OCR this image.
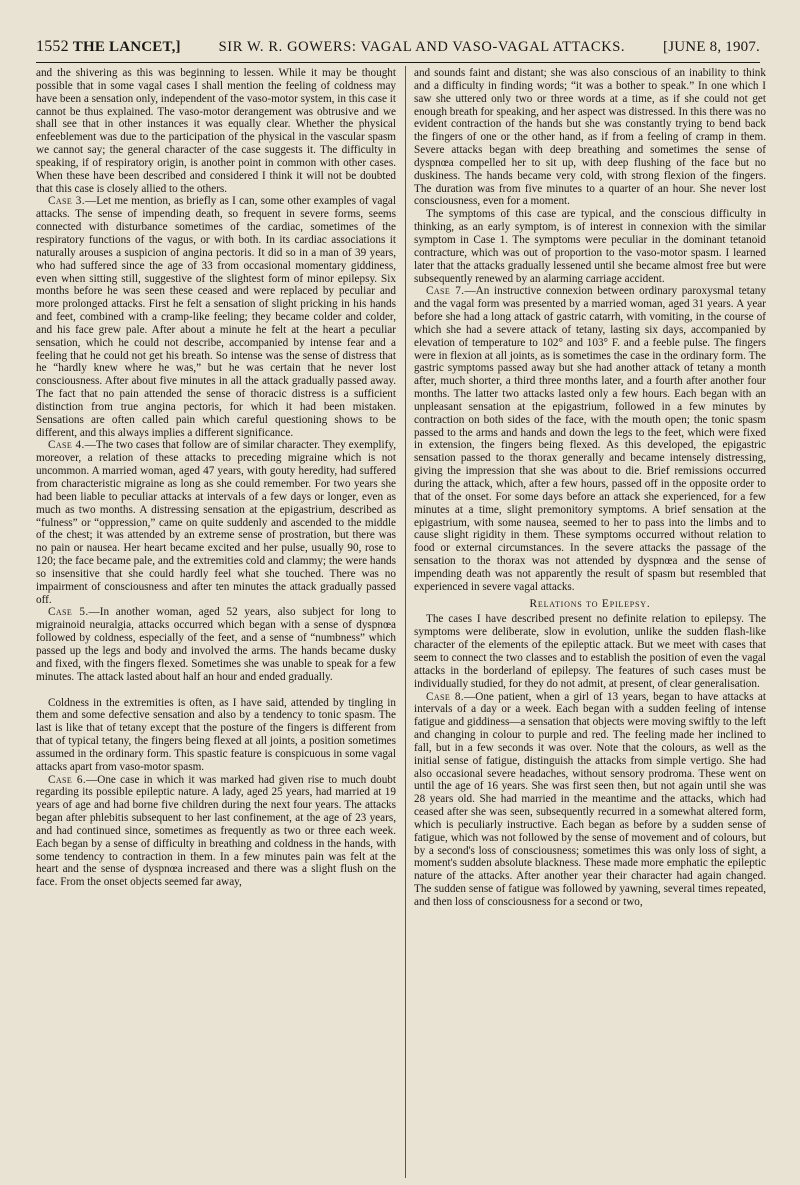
1552 THE LANCET,]	SIR W. R. GOWERS: VAGAL AND VASO-VAGAL ATTACKS.	[JUNE 8, 1907.

and the shivering as this was beginning to lessen. While it may be thought possible that in some vagal cases I shall mention the feeling of coldness may have been a sensation only, independent of the vaso-motor system, in this case it cannot be thus explained. The vaso-motor derangement was obtrusive and we shall see that in other instances it was equally clear. Whether the physical enfeeblement was due to the participation of the physical in the vascular spasm we cannot say; the general character of the case suggests it. The difficulty in speaking, if of respiratory origin, is another point in common with other cases. When these have been described and considered I think it will not be doubted that this case is closely allied to the others.

Case 3.—Let me mention, as briefly as I can, some other examples of vagal attacks. The sense of impending death, so frequent in severe forms, seems connected with disturbance sometimes of the cardiac, sometimes of the respiratory functions of the vagus, or with both. In its cardiac associations it naturally arouses a suspicion of angina pectoris. It did so in a man of 39 years, who had suffered since the age of 33 from occasional momentary giddiness, even when sitting still, suggestive of the slightest form of minor epilepsy. Six months before he was seen these ceased and were replaced by peculiar and more prolonged attacks. First he felt a sensation of slight pricking in his hands and feet, combined with a cramp-like feeling; they became colder and colder, and his face grew pale. After about a minute he felt at the heart a peculiar sensation, which he could not describe, accompanied by intense fear and a feeling that he could not get his breath. So intense was the sense of distress that he “hardly knew where he was,” but he was certain that he never lost consciousness. After about five minutes in all the attack gradually passed away. The fact that no pain attended the sense of thoracic distress is a sufficient distinction from true angina pectoris, for which it had been mistaken. Sensations are often called pain which careful questioning shows to be different, and this always implies a different significance.

Case 4.—The two cases that follow are of similar character. They exemplify, moreover, a relation of these attacks to preceding migraine which is not uncommon. A married woman, aged 47 years, with gouty heredity, had suffered from characteristic migraine as long as she could remember. For two years she had been liable to peculiar attacks at intervals of a few days or longer, even as much as two months. A distressing sensation at the epigastrium, described as “fulness” or “oppression,” came on quite suddenly and ascended to the middle of the chest; it was attended by an extreme sense of prostration, but there was no pain or nausea. Her heart became excited and her pulse, usually 90, rose to 120; the face became pale, and the extremities cold and clammy; the were hands so insensitive that she could hardly feel what she touched. There was no impairment of consciousness and after ten minutes the attack gradually passed off.

Case 5.—In another woman, aged 52 years, also subject for long to migrainoid neuralgia, attacks occurred which began with a sense of dyspnœa followed by coldness, especially of the feet, and a sense of “numbness” which passed up the legs and body and involved the arms. The hands became dusky and fixed, with the fingers flexed. Sometimes she was unable to speak for a few minutes. The attack lasted about half an hour and ended gradually.

Coldness in the extremities is often, as I have said, attended by tingling in them and some defective sensation and also by a tendency to tonic spasm. The last is like that of tetany except that the posture of the fingers is different from that of typical tetany, the fingers being flexed at all joints, a position sometimes assumed in the ordinary form. This spastic feature is conspicuous in some vagal attacks apart from vaso-motor spasm.

Case 6.—One case in which it was marked had given rise to much doubt regarding its possible epileptic nature. A lady, aged 25 years, had married at 19 years of age and had borne five children during the next four years. The attacks began after phlebitis subsequent to her last confinement, at the age of 23 years, and had continued since, sometimes as frequently as two or three each week. Each began by a sense of difficulty in breathing and coldness in the hands, with some tendency to contraction in them. In a few minutes pain was felt at the heart and the sense of dyspnœa increased and there was a slight flush on the face. From the onset objects seemed far away,

and sounds faint and distant; she was also conscious of an inability to think and a difficulty in finding words; “it was a bother to speak.” In one which I saw she uttered only two or three words at a time, as if she could not get enough breath for speaking, and her aspect was distressed. In this there was no evident contraction of the hands but she was constantly trying to bend back the fingers of one or the other hand, as if from a feeling of cramp in them. Severe attacks began with deep breathing and sometimes the sense of dyspnœa compelled her to sit up, with deep flushing of the face but no duskiness. The hands became very cold, with strong flexion of the fingers. The duration was from five minutes to a quarter of an hour. She never lost consciousness, even for a moment.

The symptoms of this case are typical, and the conscious difficulty in thinking, as an early symptom, is of interest in connexion with the similar symptom in Case 1. The symptoms were peculiar in the dominant tetanoid contracture, which was out of proportion to the vaso-motor spasm. I learned later that the attacks gradually lessened until she became almost free but were subsequently renewed by an alarming carriage accident.

Case 7.—An instructive connexion between ordinary paroxysmal tetany and the vagal form was presented by a married woman, aged 31 years. A year before she had a long attack of gastric catarrh, with vomiting, in the course of which she had a severe attack of tetany, lasting six days, accompanied by elevation of temperature to 102° and 103° F. and a feeble pulse. The fingers were in flexion at all joints, as is sometimes the case in the ordinary form. The gastric symptoms passed away but she had another attack of tetany a month after, much shorter, a third three months later, and a fourth after another four months. The latter two attacks lasted only a few hours. Each began with an unpleasant sensation at the epigastrium, followed in a few minutes by contraction on both sides of the face, with the mouth open; the tonic spasm passed to the arms and hands and down the legs to the feet, which were fixed in extension, the fingers being flexed. As this developed, the epigastric sensation passed to the thorax generally and became intensely distressing, giving the impression that she was about to die. Brief remissions occurred during the attack, which, after a few hours, passed off in the opposite order to that of the onset. For some days before an attack she experienced, for a few minutes at a time, slight premonitory symptoms. A brief sensation at the epigastrium, with some nausea, seemed to her to pass into the limbs and to cause slight rigidity in them. These symptoms occurred without relation to food or external circumstances. In the severe attacks the passage of the sensation to the thorax was not attended by dyspnœa and the sense of impending death was not apparently the result of spasm but resembled that experienced in severe vagal attacks.

Relations to Epilepsy.

The cases I have described present no definite relation to epilepsy. The symptoms were deliberate, slow in evolution, unlike the sudden flash-like character of the elements of the epileptic attack. But we meet with cases that seem to connect the two classes and to establish the position of even the vagal attacks in the borderland of epilepsy. The features of such cases must be individually studied, for they do not admit, at present, of clear generalisation.

Case 8.—One patient, when a girl of 13 years, began to have attacks at intervals of a day or a week. Each began with a sudden feeling of intense fatigue and giddiness—a sensation that objects were moving swiftly to the left and changing in colour to purple and red. The feeling made her inclined to fall, but in a few seconds it was over. Note that the colours, as well as the initial sense of fatigue, distinguish the attacks from simple vertigo. She had also occasional severe headaches, without sensory prodroma. These went on until the age of 16 years. She was first seen then, but not again until she was 28 years old. She had married in the meantime and the attacks, which had ceased after she was seen, subsequently recurred in a somewhat altered form, which is peculiarly instructive. Each began as before by a sudden sense of fatigue, which was not followed by the sense of movement and of colours, but by a second's loss of consciousness; sometimes this was only loss of sight, a moment's sudden absolute blackness. These made more emphatic the epileptic nature of the attacks. After another year their character had again changed. The sudden sense of fatigue was followed by yawning, several times repeated, and then loss of consciousness for a second or two,
